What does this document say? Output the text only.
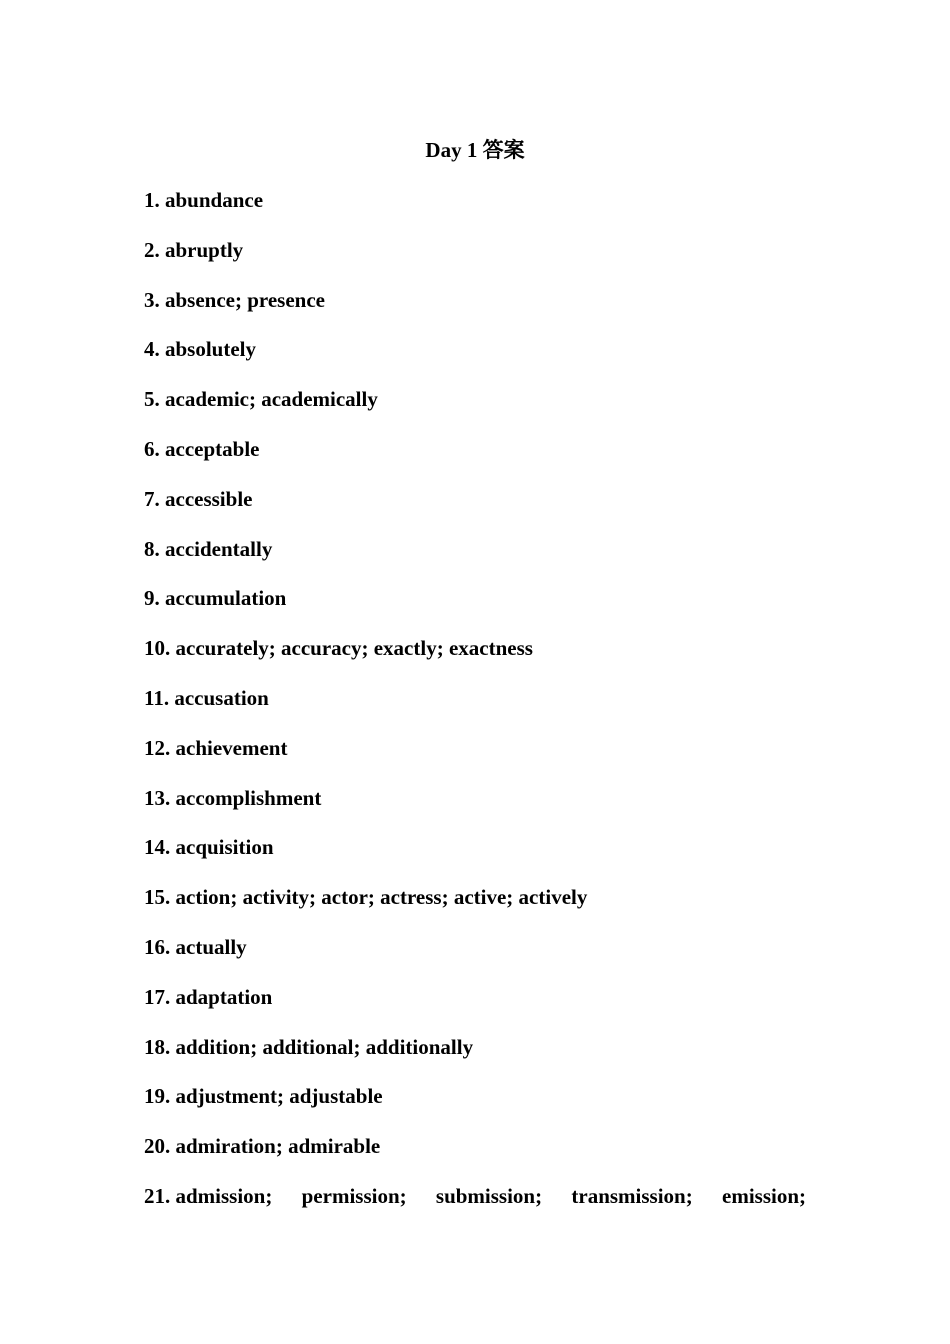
Day 1 答案
1. abundance
2. abruptly
3. absence; presence
4. absolutely
5. academic; academically
6. acceptable
7. accessible
8. accidentally
9. accumulation
10. accurately; accuracy; exactly; exactness
11. accusation
12. achievement
13. accomplishment
14. acquisition
15. action; activity; actor; actress; active; actively
16. actually
17. adaptation
18. addition; additional; additionally
19. adjustment; adjustable
20. admiration; admirable
21. admission; permission; submission; transmission; emission;
